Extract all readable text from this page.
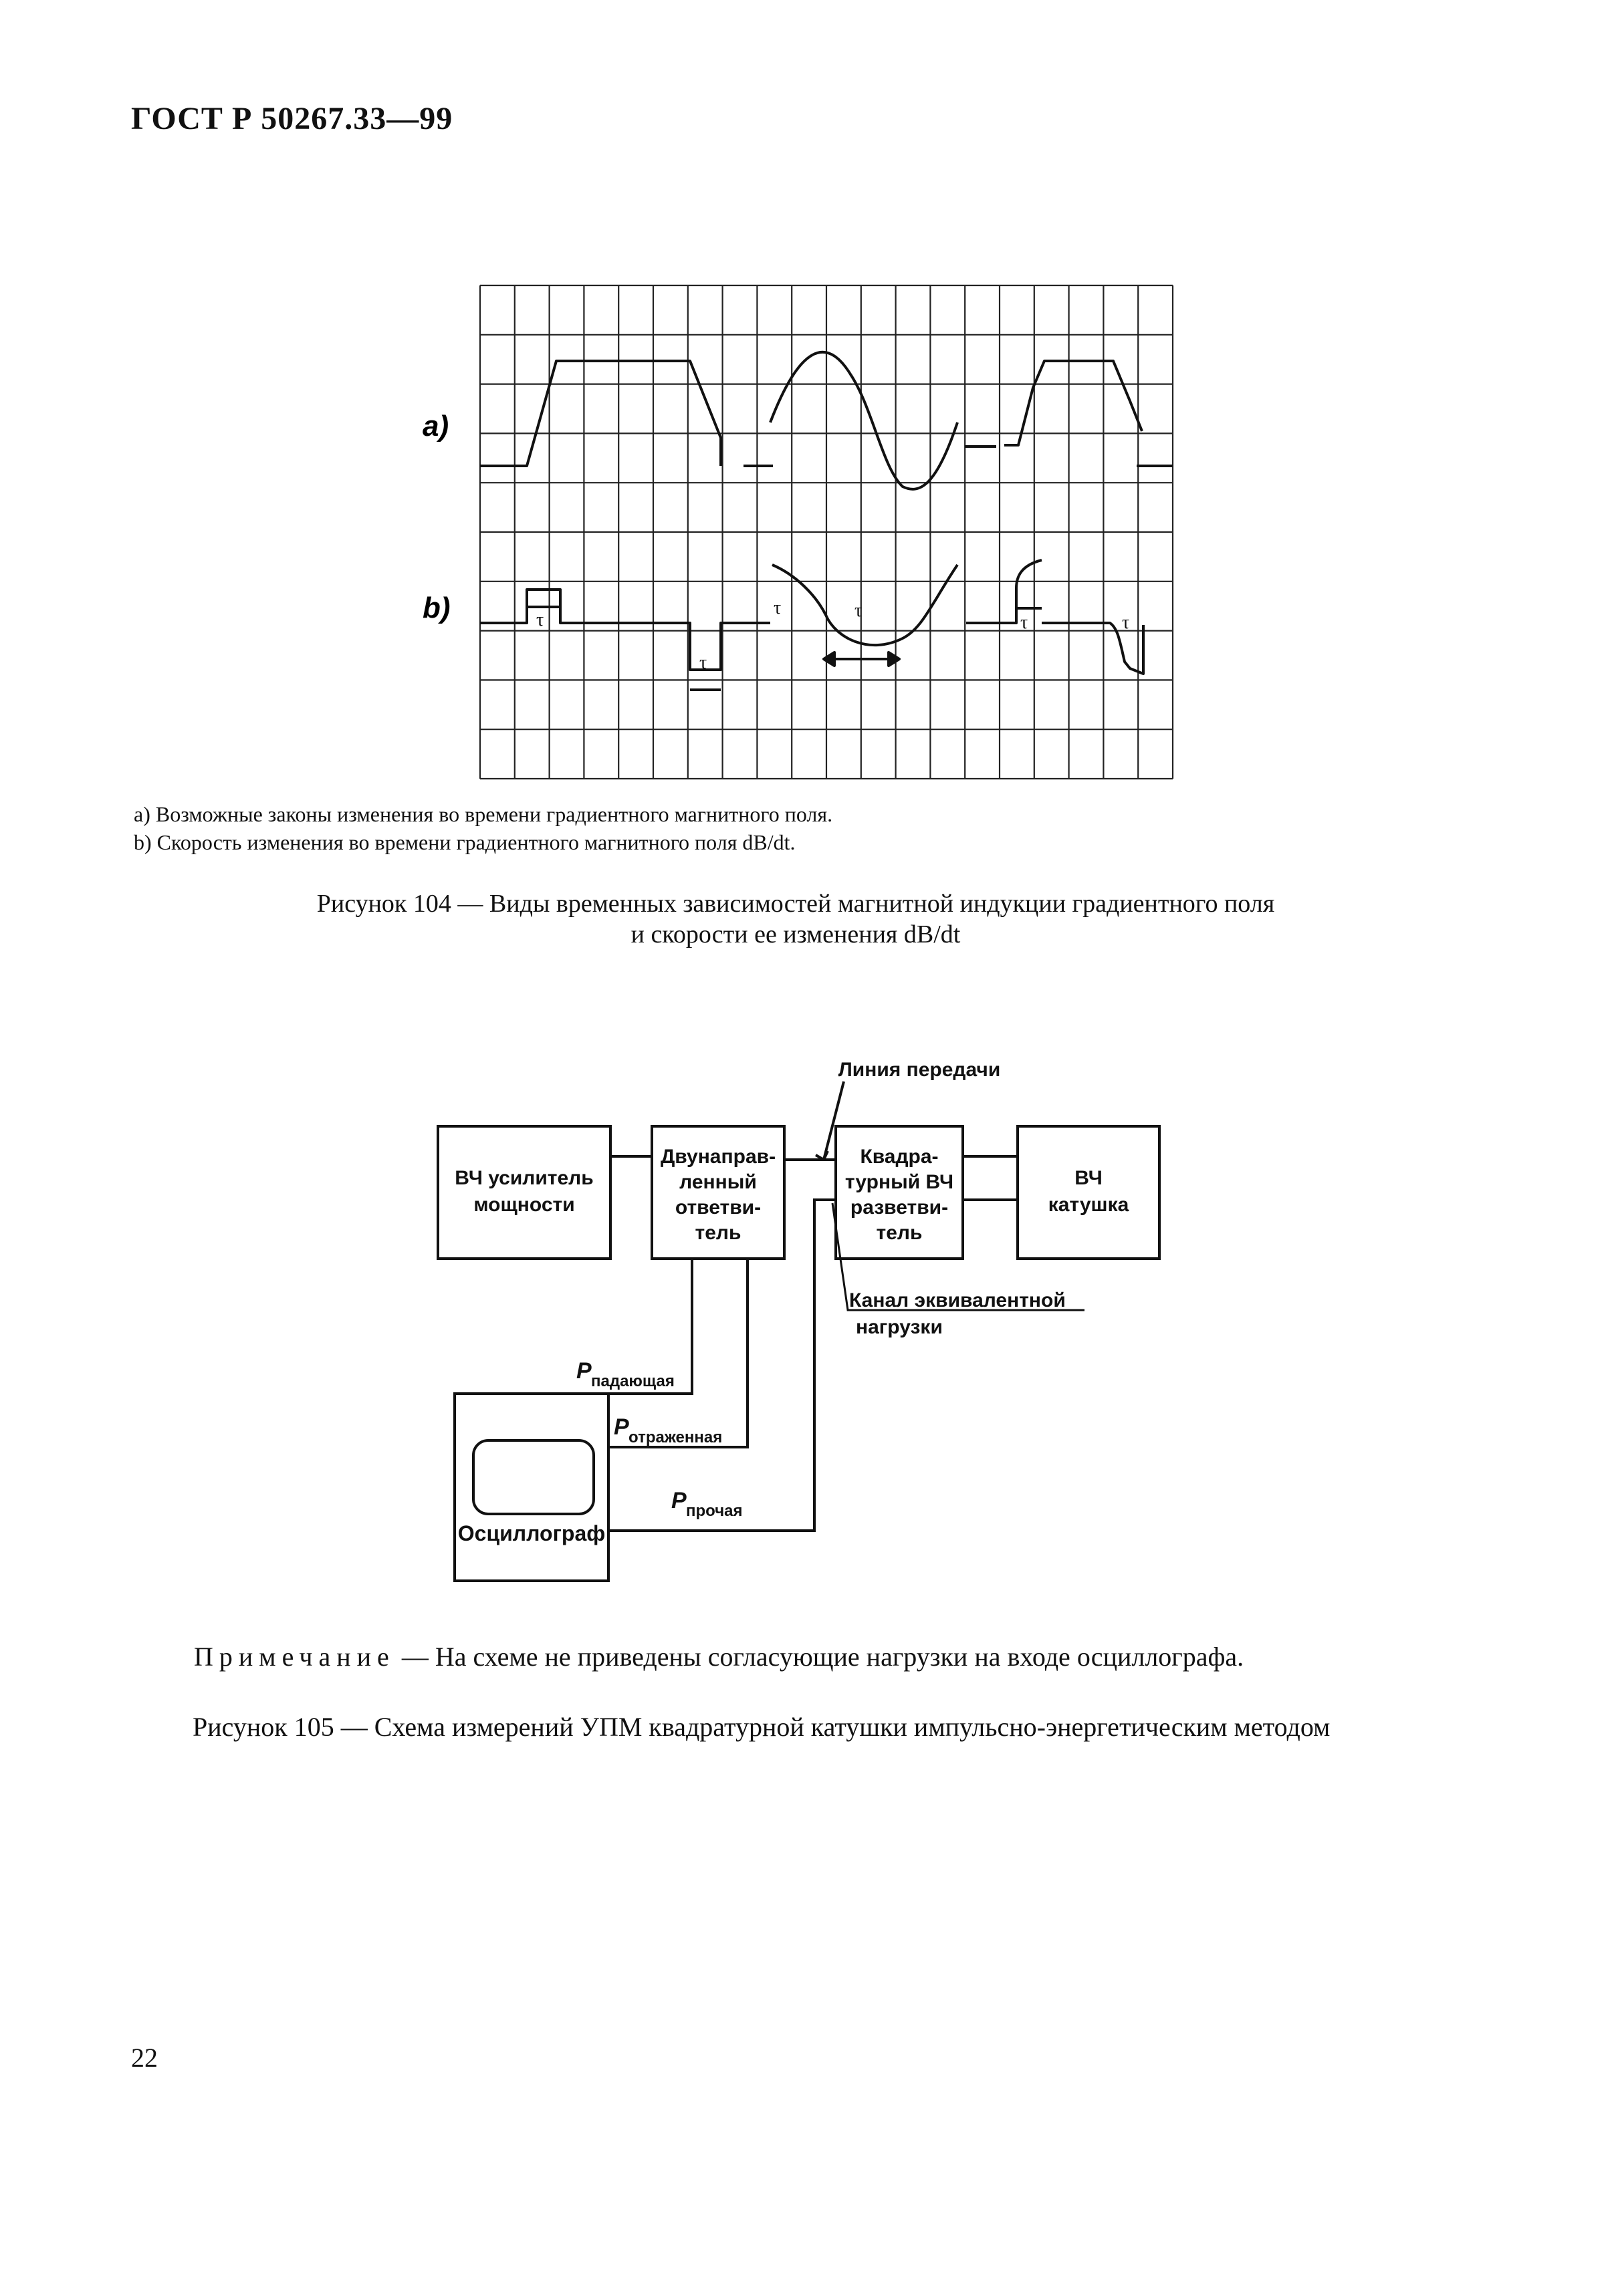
ГОСТ Р 50267.33—99
a)
b)	τ
τ
τ
τ	τ
τ
Линия передачи
ВЧ усилитель
мощности
Двунаправ-
ленный
ответви-
тель
Квадра-
турный ВЧ
разветви-
тель
ВЧ
катушка
Канал эквивалентной
нагрузки
Осциллограф
P падающая
P отраженная
P прочая
a) Возможные законы изменения во времени градиентного магнитного поля.
b) Скорость изменения во времени градиентного магнитного поля dB/dt.
Рисунок 104 — Виды временных зависимостей магнитной индукции градиентного поля
и скорости ее изменения dB/dt
Примечание — На схеме не приведены согласующие нагрузки на входе осциллографа.
Рисунок 105 — Схема измерений УПМ квадратурной катушки импульсно-энергетическим методом
22
